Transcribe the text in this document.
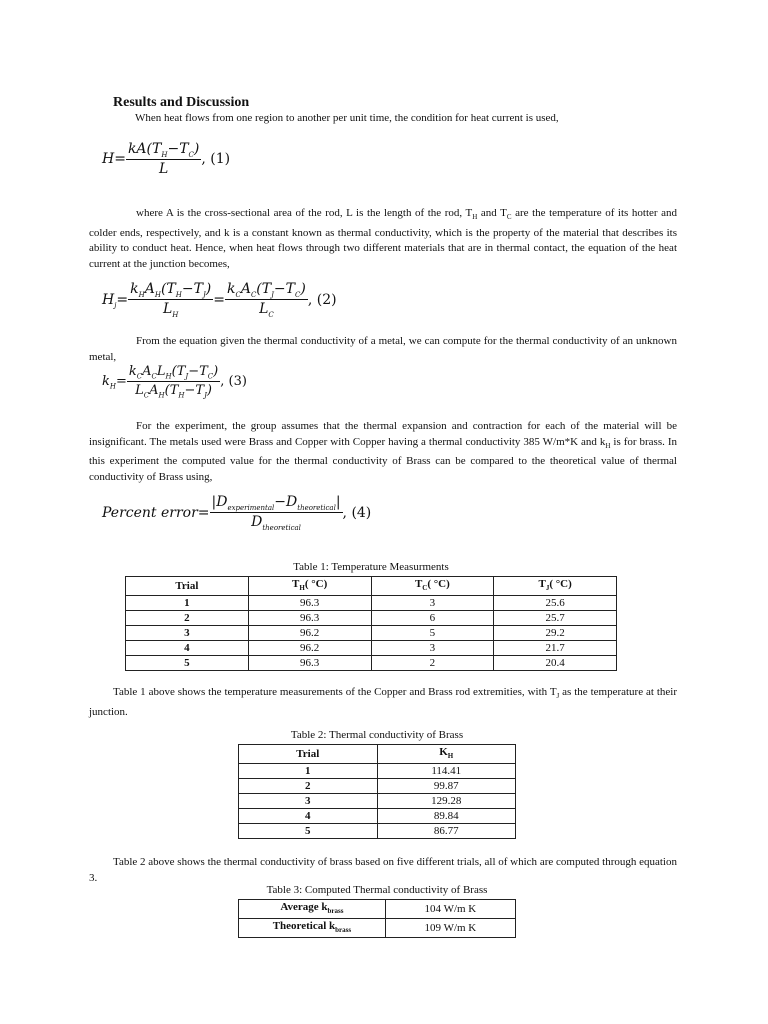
Results and Discussion
When heat flows from one region to another per unit time, the condition for heat current is used,
$H= \frac{kA(T_H-T_C)}{L}$ , (1)
where A is the cross-sectional area of the rod, L is the length of the rod, $T_H$ and $T_C$ are the temperature of its hotter and colder ends, respectively, and k is a constant known as thermal conductivity, which is the property of the material that describes its ability to conduct heat. Hence, when heat flows through two different materials that are in thermal contact, the equation of the heat current at the junction becomes,
$H_j= \frac{k_HA_H(T_H-T_J)}{L_H} = \frac{k_CA_C(T_J-T_C)}{L_C}$ , (2)
From the equation given the thermal conductivity of a metal, we can compute for the thermal conductivity of an unknown metal,
$k_H= \frac{k_CA_CL_H(T_J-T_C)}{L_CA_H(T_H-T_J)}$ , (3)
For the experiment, the group assumes that the thermal expansion and contraction for each of the material will be insignificant. The metals used were Brass and Copper with Copper having a thermal conductivity 385 W/m*K and $k_H$ is for brass. In this experiment the computed value for the thermal conductivity of Brass can be compared to the theoretical value of thermal conductivity of Brass using,
Percent error= $\frac{|D_{experimental}-D_{theoretical}|}{D_{theoretical}}$ , (4)
Table 1: Temperature Measurments
Trial	$T_H$( °C)	$T_C$( °C)	$T_J$( °C)
1	96.3	3	25.6
2	96.3	6	25.7
3	96.2	5	29.2
4	96.2	3	21.7
5	96.3	2	20.4
Table 1 above shows the temperature measurements of the Copper and Brass rod extremities, with $T_J$ as the temperature at their junction.
Table 2: Thermal conductivity of Brass
Trial	$K_H$
1	114.41
2	99.87
3	129.28
4	89.84
5	86.77
Table 2 above shows the thermal conductivity of brass based on five different trials, all of which are computed through equation 3.
Table 3: Computed Thermal conductivity of Brass
Average $k_{brass}$	104 W/m K
Theoretical $k_{brass}$	109 W/m K
